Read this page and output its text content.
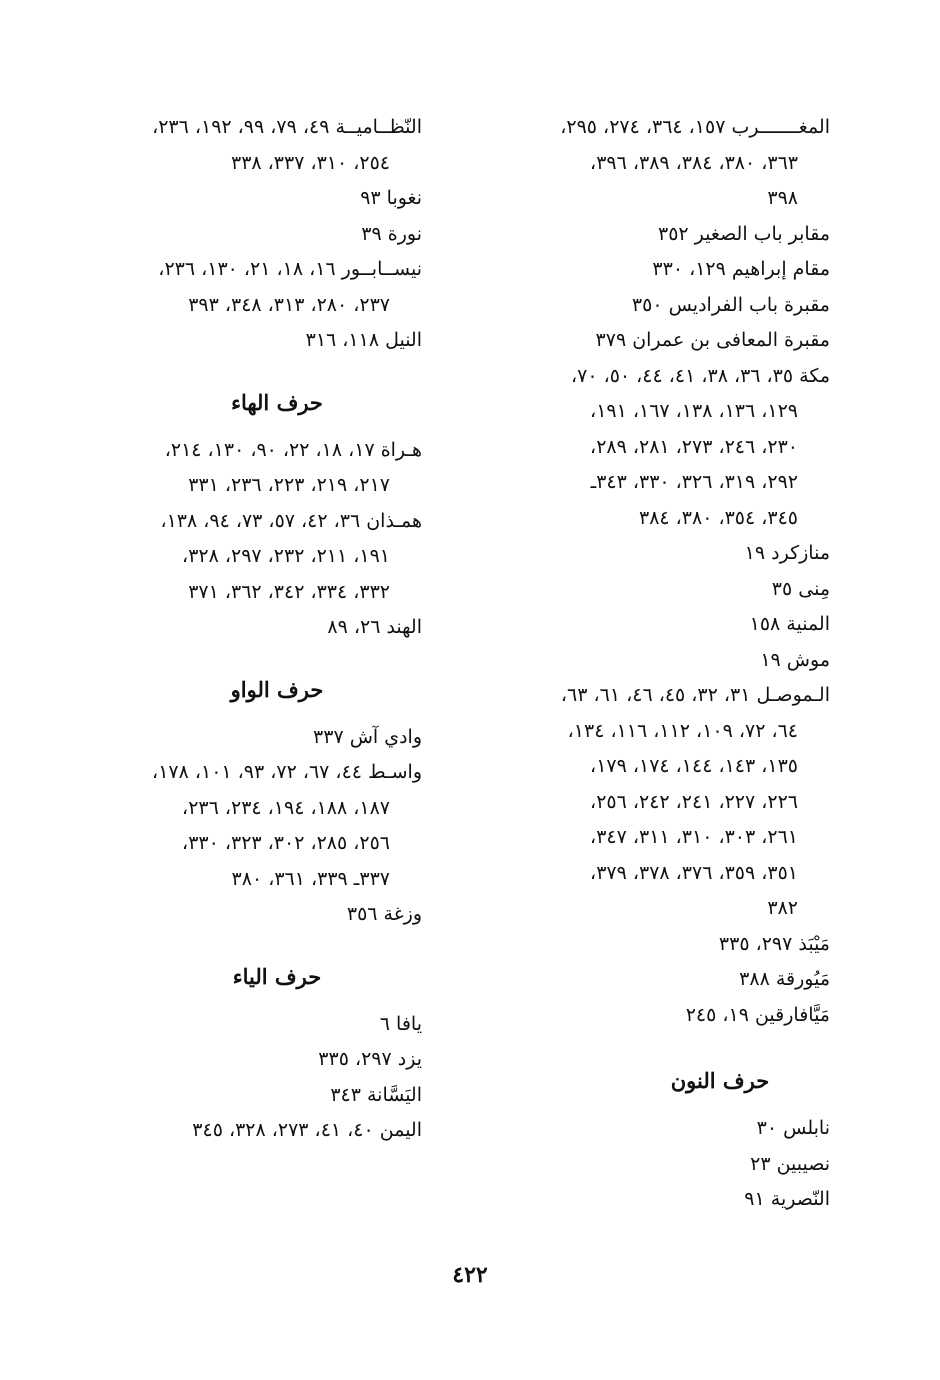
المغـــــــرب ١٥٧، ٣٦٤، ٢٧٤، ٢٩٥،
٣٦٣، ٣٨٠، ٣٨٤، ٣٨٩، ٣٩٦،
٣٩٨
مقابر باب الصغير ٣٥٢
مقام إبراهيم ١٢٩، ٣٣٠
مقبرة باب الفراديس ٣٥٠
مقبرة المعافى بن عمران ٣٧٩
مكة ٣٥، ٣٦، ٣٨، ٤١، ٤٤، ٥٠، ٧٠،
١٢٩، ١٣٦، ١٣٨، ١٦٧، ١٩١،
٢٣٠، ٢٤٦، ٢٧٣، ٢٨١، ٢٨٩،
٢٩٢، ٣١٩، ٣٢٦، ٣٣٠، ٣٤٣ـ
٣٤٥، ٣٥٤، ٣٨٠، ٣٨٤
منازكرد ١٩
مِنى ٣٥
المنية ١٥٨
موش ١٩
الـموصـل ٣١، ٣٢، ٤٥، ٤٦، ٦١، ٦٣،
٦٤، ٧٢، ١٠٩، ١١٢، ١١٦، ١٣٤،
١٣٥، ١٤٣، ١٤٤، ١٧٤، ١٧٩،
٢٢٦، ٢٢٧، ٢٤١، ٢٤٢، ٢٥٦،
٢٦١، ٣٠٣، ٣١٠، ٣١١، ٣٤٧،
٣٥١، ٣٥٩، ٣٧٦، ٣٧٨، ٣٧٩،
٣٨٢
مَيْبَذ ٢٩٧، ٣٣٥
مَيُورقة ٣٨٨
مَيَّافارقين ١٩، ٢٤٥
حرف النون
نابلس ٣٠
نصيبين ٢٣
النّصرية ٩١
النّظــاميــة ٤٩، ٧٩، ٩٩، ١٩٢، ٢٣٦،
٢٥٤، ٣١٠، ٣٣٧، ٣٣٨
نغوبا ٩٣
نورة ٣٩
نيســابــور ١٦، ١٨، ٢١، ١٣٠، ٢٣٦،
٢٣٧، ٢٨٠، ٣١٣، ٣٤٨، ٣٩٣
النيل ١١٨، ٣١٦
حرف الهاء
هـراة ١٧، ١٨، ٢٢، ٩٠، ١٣٠، ٢١٤،
٢١٧، ٢١٩، ٢٢٣، ٢٣٦، ٣٣١
همـذان ٣٦، ٤٢، ٥٧، ٧٣، ٩٤، ١٣٨،
١٩١، ٢١١، ٢٣٢، ٢٩٧، ٣٢٨،
٣٣٢، ٣٣٤، ٣٤٢، ٣٦٢، ٣٧١
الهند ٢٦، ٨٩
حرف الواو
وادي آش ٣٣٧
واسـط ٤٤، ٦٧، ٧٢، ٩٣، ١٠١، ١٧٨،
١٨٧، ١٨٨، ١٩٤، ٢٣٤، ٢٣٦،
٢٥٦، ٢٨٥، ٣٠٢، ٣٢٣، ٣٣٠،
٣٣٧ـ ٣٣٩، ٣٦١، ٣٨٠
وزغة ٣٥٦
حرف الياء
يافا ٦
يزد ٢٩٧، ٣٣٥
اليَسَّانة ٣٤٣
اليمن ٤٠، ٤١، ٢٧٣، ٣٢٨، ٣٤٥
٤٢٢
